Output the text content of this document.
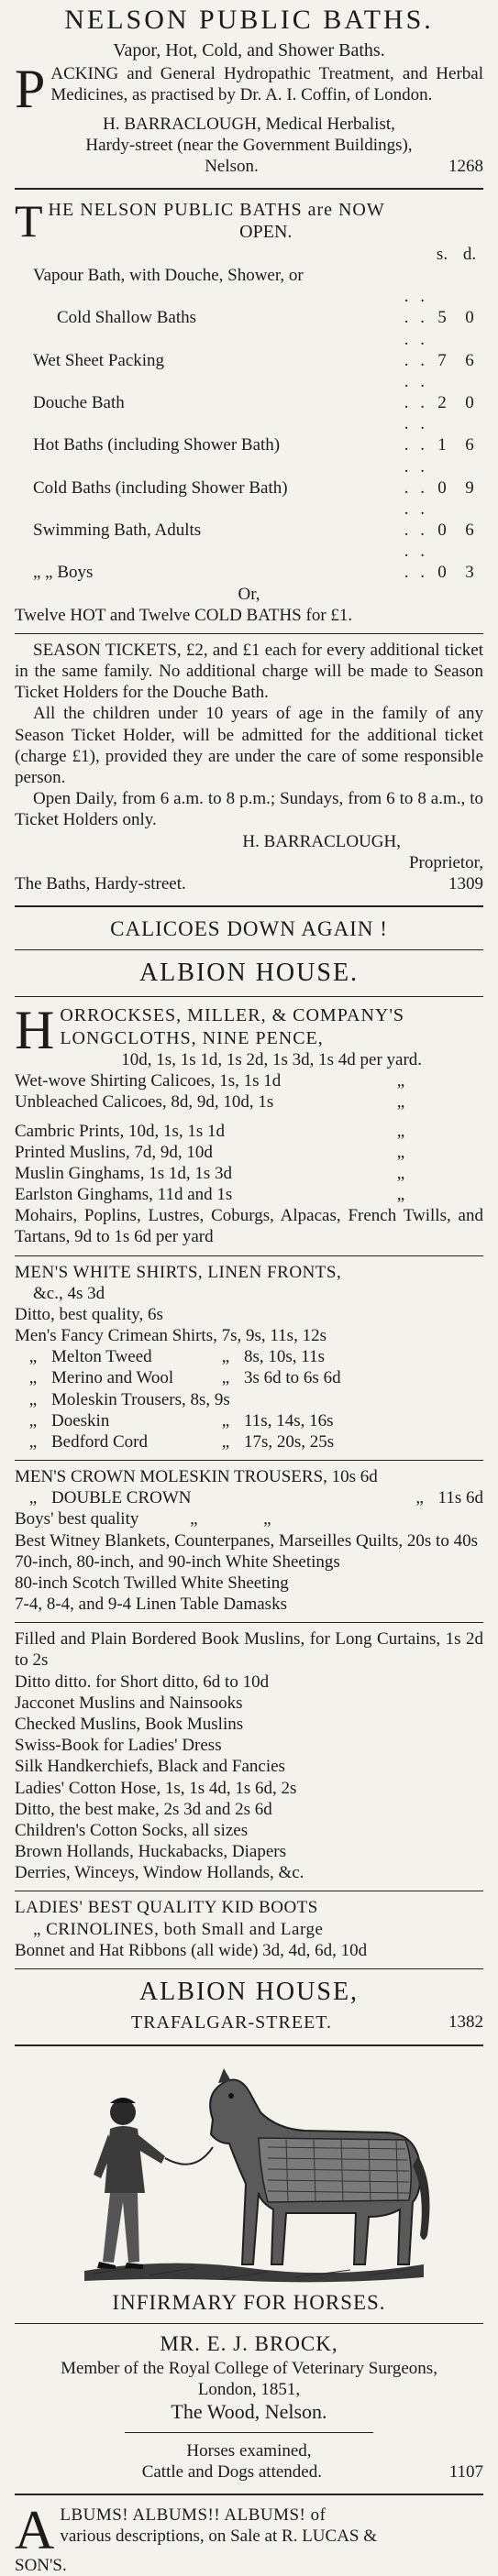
NELSON PUBLIC BATHS.
Vapor, Hot, Cold, and Shower Baths.
PACKING and General Hydropathic Treatment, and Herbal Medicines, as practised by Dr. A. I. Coffin, of London.
H. BARRACLOUGH, Medical Herbalist,
Hardy-street (near the Government Buildings),
Nelson.	1268
T HE NELSON PUBLIC BATHS are NOW
OPEN.
		s.	d.
Vapour Bath, with Douche, Shower, or			
Cold Shallow Baths	. . . .	5	0
Wet Sheet Packing	. . . .	7	6
Douche Bath	. . . .	2	0
Hot Baths (including Shower Bath)	. . . .	1	6
Cold Baths (including Shower Bath)	. . . .	0	9
Swimming Bath, Adults	. . . .	0	6
„ „ Boys	. . . .	0	3
Or,
Twelve HOT and Twelve COLD BATHS for £1.
SEASON TICKETS, £2, and £1 each for every additional ticket in the same family. No additional charge will be made to Season Ticket Holders for the Douche Bath.
All the children under 10 years of age in the family of any Season Ticket Holder, will be admitted for the additional ticket (charge £1), provided they are under the care of some responsible person.
Open Daily, from 6 a.m. to 8 p.m.; Sundays, from 6 to 8 a.m., to Ticket Holders only.
H. BARRACLOUGH,
Proprietor,
The Baths, Hardy-street.	1309
CALICOES DOWN AGAIN !
ALBION HOUSE.
H ORROCKSES, MILLER, & COMPANY'S
LONGCLOTHS, NINE PENCE,
10d, 1s, 1s 1d, 1s 2d, 1s 3d, 1s 4d per yard.
Wet-wove Shirting Calicoes, 1s, 1s 1d	„
Unbleached Calicoes, 8d, 9d, 10d, 1s	„
Cambric Prints, 10d, 1s, 1s 1d	„
Printed Muslins, 7d, 9d, 10d	„
Muslin Ginghams, 1s 1d, 1s 3d	„
Earlston Ginghams, 11d and 1s	„
Mohairs, Poplins, Lustres, Coburgs, Alpacas, French Twills, and Tartans, 9d to 1s 6d per yard
MEN'S WHITE SHIRTS, LINEN FRONTS,
&c., 4s 3d
Ditto, best quality, 6s
Men's Fancy Crimean Shirts, 7s, 9s, 11s, 12s
„ Melton Tweed	„ 8s, 10s, 11s
„ Merino and Wool	„ 3s 6d to 6s 6d
„ Moleskin Trousers, 8s, 9s
„ Doeskin	„ 11s, 14s, 16s
„ Bedford Cord	„ 17s, 20s, 25s
MEN'S CROWN MOLESKIN TROUSERS, 10s 6d
„ DOUBLE CROWN	„ 11s 6d
Boys' best quality	„	„
Best Witney Blankets, Counterpanes, Marseilles Quilts, 20s to 40s
70-inch, 80-inch, and 90-inch White Sheetings
80-inch Scotch Twilled White Sheeting
7-4, 8-4, and 9-4 Linen Table Damasks
Filled and Plain Bordered Book Muslins, for Long Curtains, 1s 2d to 2s
Ditto ditto. for Short ditto, 6d to 10d
Jacconet Muslins and Nainsooks
Checked Muslins, Book Muslins
Swiss-Book for Ladies' Dress
Silk Handkerchiefs, Black and Fancies
Ladies' Cotton Hose, 1s, 1s 4d, 1s 6d, 2s
Ditto, the best make, 2s 3d and 2s 6d
Children's Cotton Socks, all sizes
Brown Hollands, Huckabacks, Diapers
Derries, Winceys, Window Hollands, &c.
LADIES' BEST QUALITY KID BOOTS
„ CRINOLINES, both Small and Large
Bonnet and Hat Ribbons (all wide) 3d, 4d, 6d, 10d
ALBION HOUSE,
TRAFALGAR-STREET.	1382
INFIRMARY FOR HORSES.
MR. E. J. BROCK,
Member of the Royal College of Veterinary Surgeons,
London, 1851,
The Wood, Nelson.
Horses examined,
Cattle and Dogs attended.	1107
A LBUMS! ALBUMS!! ALBUMS! of
various descriptions, on Sale at R. LUCAS &
SON'S.
